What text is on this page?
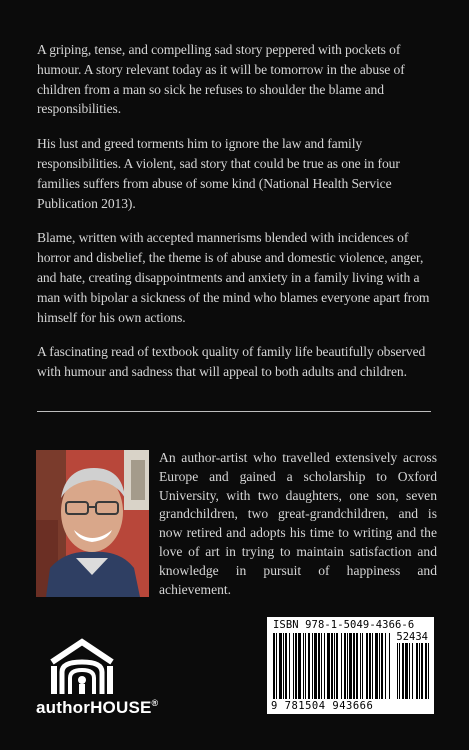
A griping, tense, and compelling sad story peppered with pockets of humour. A story relevant today as it will be tomorrow in the abuse of children from a man so sick he refuses to shoulder the blame and responsibilities.

His lust and greed torments him to ignore the law and family responsibilities. A violent, sad story that could be true as one in four families suffers from abuse of some kind (National Health Service Publication 2013).

Blame, written with accepted mannerisms blended with incidences of horror and disbelief, the theme is of abuse and domestic violence, anger, and hate, creating disappointments and anxiety in a family living with a man with bipolar a sickness of the mind who blames everyone apart from himself for his own actions.

A fascinating read of textbook quality of family life beautifully observed with humour and sadness that will appeal to both adults and children.

An author-artist who travelled extensively across Europe and gained a scholarship to Oxford University, with two daughters, one son, seven grandchildren, two great-grandchildren, and is now retired and adopts his time to writing and the love of art in trying to maintain satisfaction and knowledge in pursuit of happiness and achievement.

authorHOUSE®
ISBN 978-1-5049-4366-6
52434
9 781504 943666
